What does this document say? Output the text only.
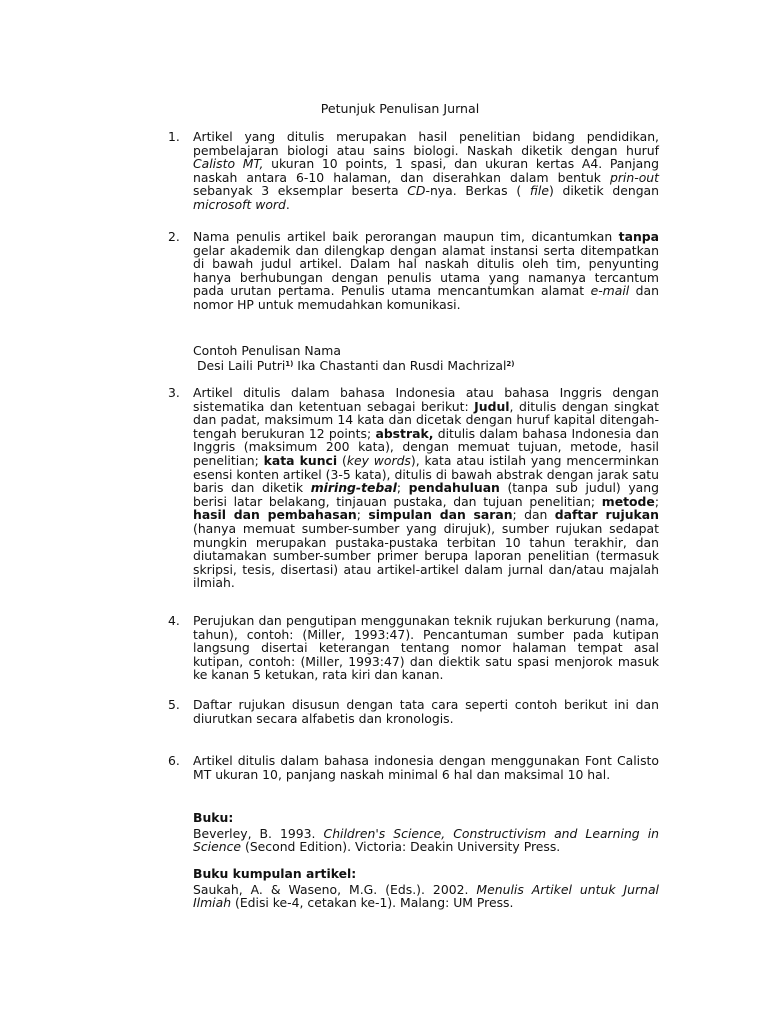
Petunjuk Penulisan Jurnal
1. Artikel yang ditulis merupakan hasil penelitian bidang pendidikan, pembelajaran biologi atau sains biologi. Naskah diketik dengan huruf Calisto MT, ukuran 10 points, 1 spasi, dan ukuran kertas A4. Panjang naskah antara 6-10 halaman, dan diserahkan dalam bentuk prin-out sebanyak 3 eksemplar beserta CD-nya. Berkas ( file) diketik dengan microsoft word.
2. Nama penulis artikel baik perorangan maupun tim, dicantumkan tanpa gelar akademik dan dilengkap dengan alamat instansi serta ditempatkan di bawah judul artikel. Dalam hal naskah ditulis oleh tim, penyunting hanya berhubungan dengan penulis utama yang namanya tercantum pada urutan pertama. Penulis utama mencantumkan alamat e-mail dan nomor HP untuk memudahkan komunikasi.
Contoh Penulisan Nama
Desi Laili Putri$^{1)}$ Ika Chastanti dan Rusdi Machrizal$^{2)}$
3. Artikel ditulis dalam bahasa Indonesia atau bahasa Inggris dengan sistematika dan ketentuan sebagai berikut: Judul, ditulis dengan singkat dan padat, maksimum 14 kata dan dicetak dengan huruf kapital ditengah-tengah berukuran 12 points; abstrak, ditulis dalam bahasa Indonesia dan Inggris (maksimum 200 kata), dengan memuat tujuan, metode, hasil penelitian; kata kunci (key words), kata atau istilah yang mencerminkan esensi konten artikel (3-5 kata), ditulis di bawah abstrak dengan jarak satu baris dan diketik miring-tebal; pendahuluan (tanpa sub judul) yang berisi latar belakang, tinjauan pustaka, dan tujuan penelitian; metode; hasil dan pembahasan; simpulan dan saran; dan daftar rujukan (hanya memuat sumber-sumber yang dirujuk), sumber rujukan sedapat mungkin merupakan pustaka-pustaka terbitan 10 tahun terakhir, dan diutamakan sumber-sumber primer berupa laporan penelitian (termasuk skripsi, tesis, disertasi) atau artikel-artikel dalam jurnal dan/atau majalah ilmiah.
4. Perujukan dan pengutipan menggunakan teknik rujukan berkurung (nama, tahun), contoh: (Miller, 1993:47). Pencantuman sumber pada kutipan langsung disertai keterangan tentang nomor halaman tempat asal kutipan, contoh: (Miller, 1993:47) dan diektik satu spasi menjorok masuk ke kanan 5 ketukan, rata kiri dan kanan.
5. Daftar rujukan disusun dengan tata cara seperti contoh berikut ini dan diurutkan secara alfabetis dan kronologis.
6. Artikel ditulis dalam bahasa indonesia dengan menggunakan Font Calisto MT ukuran 10, panjang naskah minimal 6 hal dan maksimal 10 hal.
Buku:
Beverley, B. 1993. Children's Science, Constructivism and Learning in Science (Second Edition). Victoria: Deakin University Press.
Buku kumpulan artikel:
Saukah, A. & Waseno, M.G. (Eds.). 2002. Menulis Artikel untuk Jurnal Ilmiah (Edisi ke-4, cetakan ke-1). Malang: UM Press.
